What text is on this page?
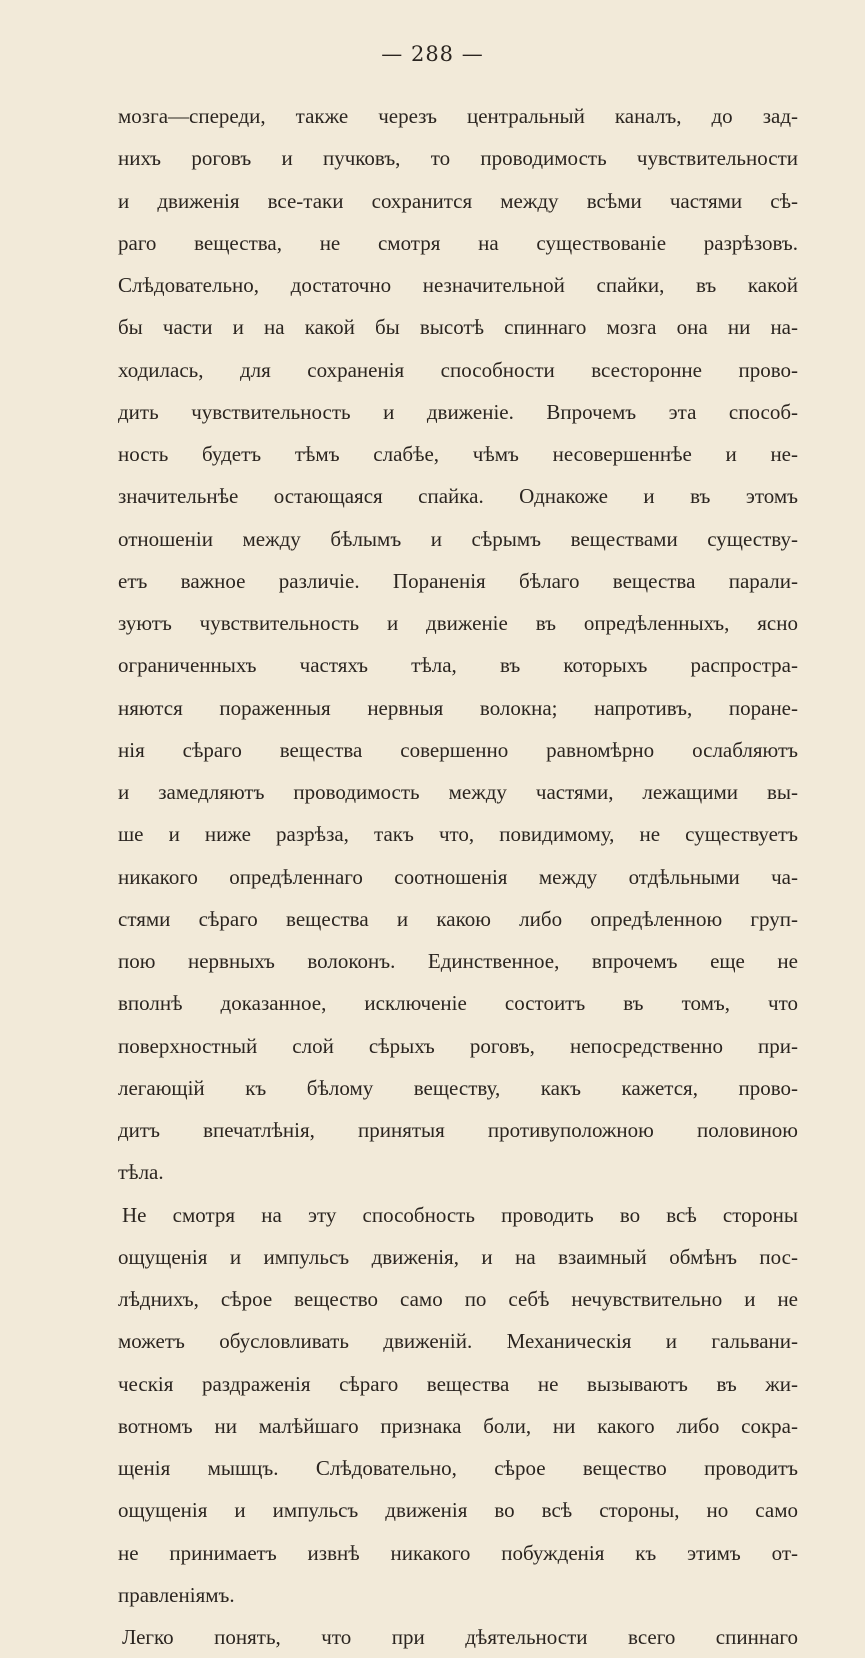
— 288 —
мозга—спереди, также черезъ центральный каналъ, до зад-
нихъ роговъ и пучковъ, то проводимость чувствительности
и движенія все-таки сохранится между всѣми частями сѣ-
раго вещества, не смотря на существованіе разрѣзовъ.
Слѣдовательно, достаточно незначительной спайки, въ какой
бы части и на какой бы высотѣ спиннаго мозга она ни на-
ходилась, для сохраненія способности всесторонне прово-
дить чувствительность и движеніе. Впрочемъ эта способ-
ность будетъ тѣмъ слабѣе, чѣмъ несовершеннѣе и не-
значительнѣе остающаяся спайка. Однакоже и въ этомъ
отношеніи между бѣлымъ и сѣрымъ веществами существу-
етъ важное различіе. Пораненія бѣлаго вещества парали-
зуютъ чувствительность и движеніе въ опредѣленныхъ, ясно
ограниченныхъ частяхъ тѣла, въ которыхъ распростра-
няются пораженныя нервныя волокна; напротивъ, поране-
нія сѣраго вещества совершенно равномѣрно ослабляютъ
и замедляютъ проводимость между частями, лежащими вы-
ше и ниже разрѣза, такъ что, повидимому, не существуетъ
никакого опредѣленнаго соотношенія между отдѣльными ча-
стями сѣраго вещества и какою либо опредѣленною груп-
пою нервныхъ волоконъ. Единственное, впрочемъ еще не
вполнѣ доказанное, исключеніе состоитъ въ томъ, что
поверхностный слой сѣрыхъ роговъ, непосредственно при-
легающій къ бѣлому веществу, какъ кажется, прово-
дитъ впечатлѣнія, принятыя противуположною половиною
тѣла.
Не смотря на эту способность проводить во всѣ стороны
ощущенія и импульсъ движенія, и на взаимный обмѣнъ пос-
лѣднихъ, сѣрое вещество само по себѣ нечувствительно и не
можетъ обусловливать движеній. Механическія и гальвани-
ческія раздраженія сѣраго вещества не вызываютъ въ жи-
вотномъ ни малѣйшаго признака боли, ни какого либо сокра-
щенія мышцъ. Слѣдовательно, сѣрое вещество проводитъ
ощущенія и импульсъ движенія во всѣ стороны, но само
не принимаетъ извнѣ никакого побужденія къ этимъ от-
правленіямъ.
Легко понять, что при дѣятельности всего спиннаго
